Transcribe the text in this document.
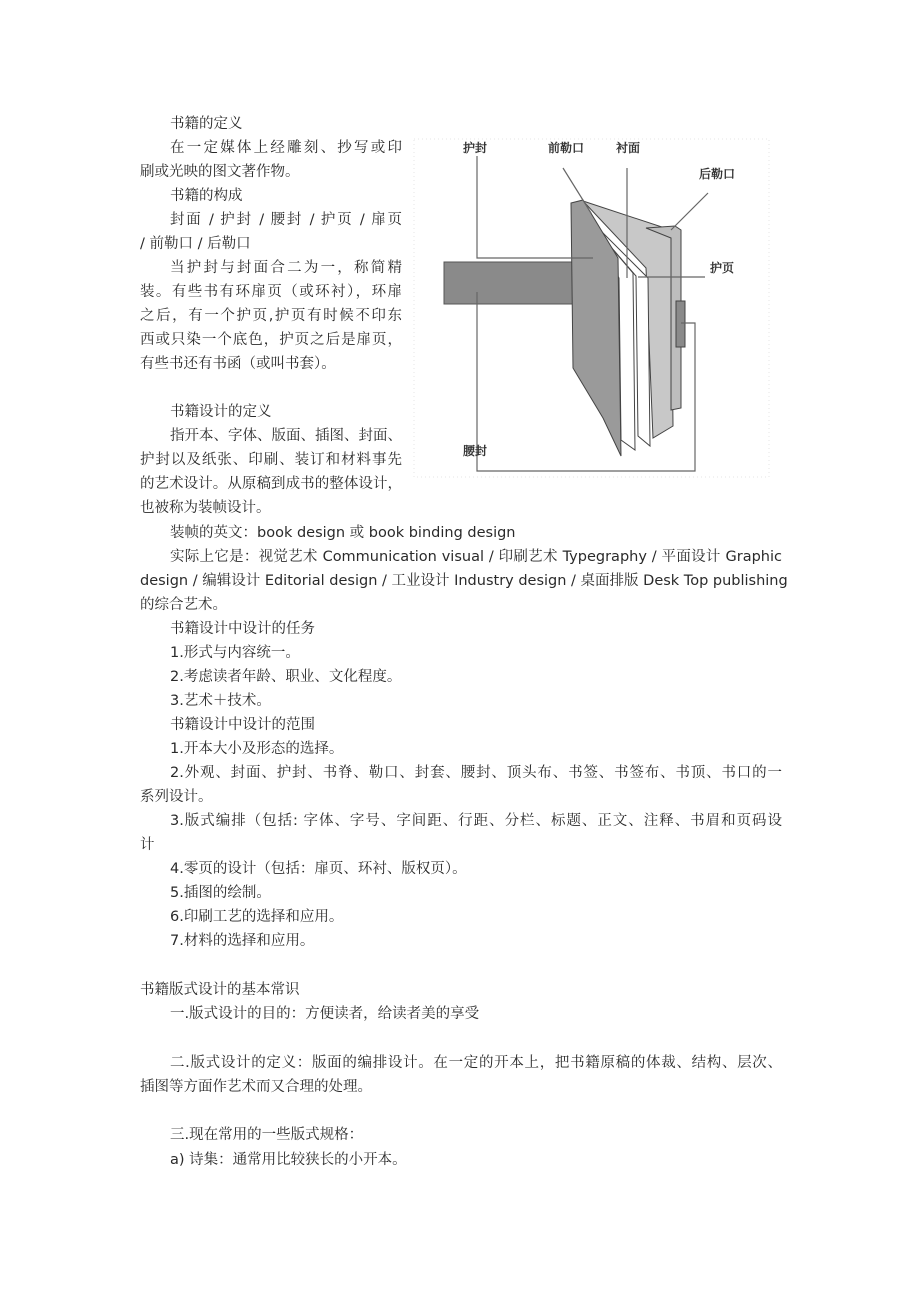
书籍的定义
在一定媒体上经雕刻、抄写或印
刷或光映的图文著作物。
书籍的构成
封面 / 护封 / 腰封 / 护页 / 扉页
/ 前勒口 / 后勒口
当护封与封面合二为一，称简精
装。有些书有环扉页（或环衬），环扉
之后，有一个护页,护页有时候不印东
西或只染一个底色，护页之后是扉页，
有些书还有书函（或叫书套）。
书籍设计的定义
指开本、字体、版面、插图、封面、
护封以及纸张、印刷、装订和材料事先
的艺术设计。从原稿到成书的整体设计，
也被称为装帧设计。
装帧的英文：book design 或 book binding design
实际上它是：视觉艺术 Communication visual / 印刷艺术 Typegraphy / 平面设计 Graphic
design / 编辑设计 Editorial design / 工业设计 Industry design / 桌面排版 Desk Top publishing
的综合艺术。
书籍设计中设计的任务
1.形式与内容统一。
2.考虑读者年龄、职业、文化程度。
3.艺术＋技术。
书籍设计中设计的范围
1.开本大小及形态的选择。
2.外观、封面、护封、书脊、勒口、封套、腰封、顶头布、书签、书签布、书顶、书口的一
系列设计。
3.版式编排（包括: 字体、字号、字间距、行距、分栏、标题、正文、注释、书眉和页码设
计
4.零页的设计（包括：扉页、环衬、版权页）。
5.插图的绘制。
6.印刷工艺的选择和应用。
7.材料的选择和应用。
书籍版式设计的基本常识
一.版式设计的目的：方便读者，给读者美的享受
二.版式设计的定义：版面的编排设计。在一定的开本上，把书籍原稿的体裁、结构、层次、
插图等方面作艺术而又合理的处理。
三.现在常用的一些版式规格：
a) 诗集：通常用比较狭长的小开本。
护封	前勒口	衬面
后勒口
护页
腰封
